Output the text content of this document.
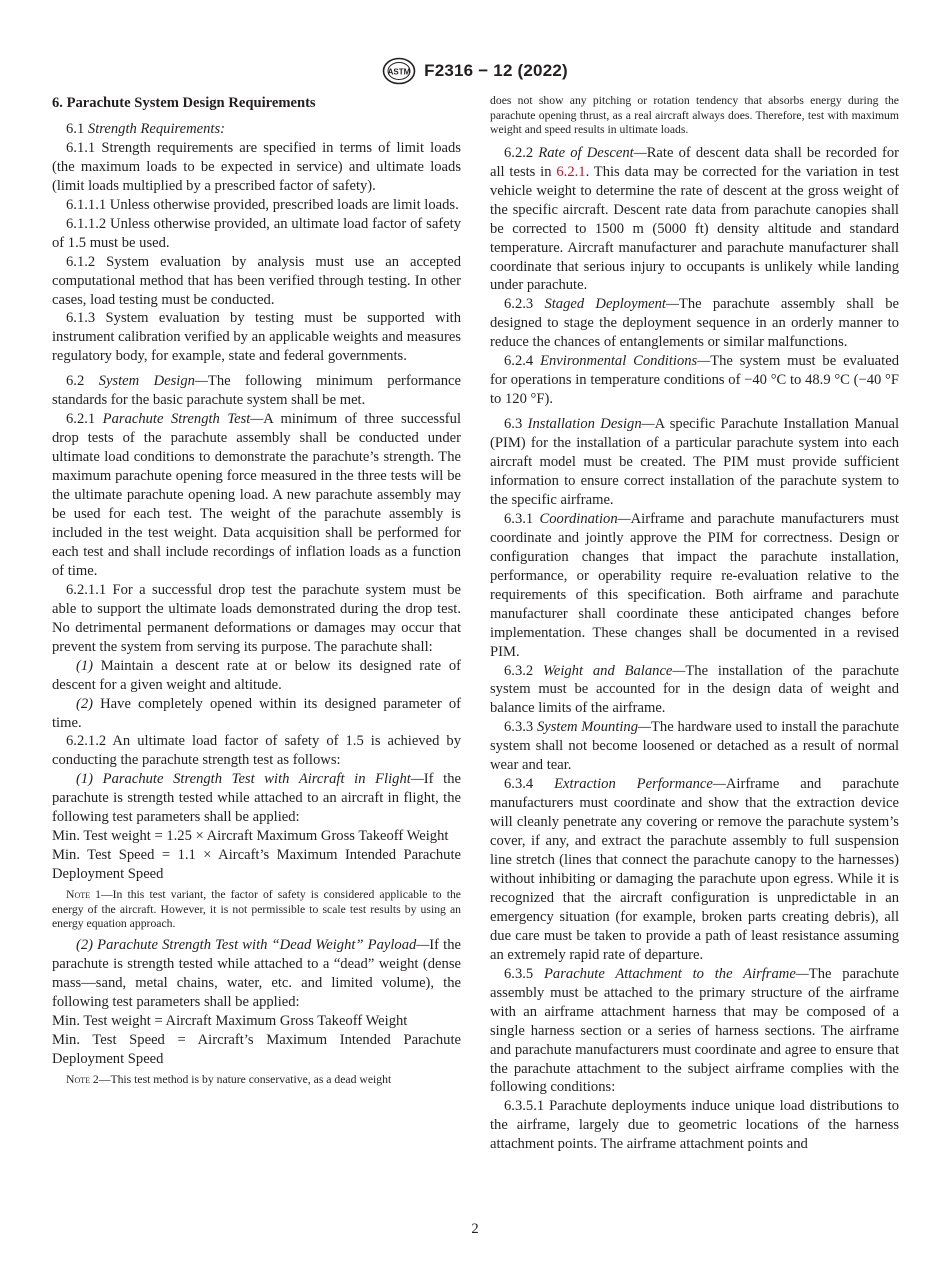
ASTM F2316 − 12 (2022)
6. Parachute System Design Requirements

6.1 Strength Requirements:

6.1.1 Strength requirements are specified in terms of limit loads (the maximum loads to be expected in service) and ultimate loads (limit loads multiplied by a prescribed factor of safety).

6.1.1.1 Unless otherwise provided, prescribed loads are limit loads.

6.1.1.2 Unless otherwise provided, an ultimate load factor of safety of 1.5 must be used.

6.1.2 System evaluation by analysis must use an accepted computational method that has been verified through testing. In other cases, load testing must be conducted.

6.1.3 System evaluation by testing must be supported with instrument calibration verified by an applicable weights and measures regulatory body, for example, state and federal governments.

6.2 System Design—The following minimum performance standards for the basic parachute system shall be met.

6.2.1 Parachute Strength Test—A minimum of three successful drop tests of the parachute assembly shall be conducted under ultimate load conditions to demonstrate the parachute’s strength. The maximum parachute opening force measured in the three tests will be the ultimate parachute opening load. A new parachute assembly may be used for each test. The weight of the parachute assembly is included in the test weight. Data acquisition shall be performed for each test and shall include recordings of inflation loads as a function of time.

6.2.1.1 For a successful drop test the parachute system must be able to support the ultimate loads demonstrated during the drop test. No detrimental permanent deformations or damages may occur that prevent the system from serving its purpose. The parachute shall:

(1) Maintain a descent rate at or below its designed rate of descent for a given weight and altitude.

(2) Have completely opened within its designed parameter of time.

6.2.1.2 An ultimate load factor of safety of 1.5 is achieved by conducting the parachute strength test as follows:

(1) Parachute Strength Test with Aircraft in Flight—If the parachute is strength tested while attached to an aircraft in flight, the following test parameters shall be applied:

Min. Test weight = 1.25 × Aircraft Maximum Gross Takeoff Weight

Min. Test Speed = 1.1 × Aircaft’s Maximum Intended Parachute Deployment Speed

Note 1—In this test variant, the factor of safety is considered applicable to the energy of the aircraft. However, it is not permissible to scale test results by using an energy equation approach.

(2) Parachute Strength Test with “Dead Weight” Payload—If the parachute is strength tested while attached to a “dead” weight (dense mass—sand, metal chains, water, etc. and limited volume), the following test parameters shall be applied:

Min. Test weight = Aircraft Maximum Gross Takeoff Weight

Min. Test Speed = Aircraft’s Maximum Intended Parachute Deployment Speed

Note 2—This test method is by nature conservative, as a dead weight

does not show any pitching or rotation tendency that absorbs energy during the parachute opening thrust, as a real aircraft always does. Therefore, test with maximum weight and speed results in ultimate loads.

6.2.2 Rate of Descent—Rate of descent data shall be recorded for all tests in 6.2.1. This data may be corrected for the variation in test vehicle weight to determine the rate of descent at the gross weight of the specific aircraft. Descent rate data from parachute canopies shall be corrected to 1500 m (5000 ft) density altitude and standard temperature. Aircraft manufacturer and parachute manufacturer shall coordinate that serious injury to occupants is unlikely while landing under parachute.

6.2.3 Staged Deployment—The parachute assembly shall be designed to stage the deployment sequence in an orderly manner to reduce the chances of entanglements or similar malfunctions.

6.2.4 Environmental Conditions—The system must be evaluated for operations in temperature conditions of −40 °C to 48.9 °C (−40 °F to 120 °F).

6.3 Installation Design—A specific Parachute Installation Manual (PIM) for the installation of a particular parachute system into each aircraft model must be created. The PIM must provide sufficient information to ensure correct installation of the parachute system to the specific airframe.

6.3.1 Coordination—Airframe and parachute manufacturers must coordinate and jointly approve the PIM for correctness. Design or configuration changes that impact the parachute installation, performance, or operability require re-evaluation relative to the requirements of this specification. Both airframe and parachute manufacturer shall coordinate these anticipated changes before implementation. These changes shall be documented in a revised PIM.

6.3.2 Weight and Balance—The installation of the parachute system must be accounted for in the design data of weight and balance limits of the airframe.

6.3.3 System Mounting—The hardware used to install the parachute system shall not become loosened or detached as a result of normal wear and tear.

6.3.4 Extraction Performance—Airframe and parachute manufacturers must coordinate and show that the extraction device will cleanly penetrate any covering or remove the parachute system’s cover, if any, and extract the parachute assembly to full suspension line stretch (lines that connect the parachute canopy to the harnesses) without inhibiting or damaging the parachute upon egress. While it is recognized that the aircraft configuration is unpredictable in an emergency situation (for example, broken parts creating debris), all due care must be taken to provide a path of least resistance assuming an extremely rapid rate of departure.

6.3.5 Parachute Attachment to the Airframe—The parachute assembly must be attached to the primary structure of the airframe with an airframe attachment harness that may be composed of a single harness section or a series of harness sections. The airframe and parachute manufacturers must coordinate and agree to ensure that the parachute attachment to the subject airframe complies with the following conditions:

6.3.5.1 Parachute deployments induce unique load distributions to the airframe, largely due to geometric locations of the harness attachment points. The airframe attachment points and

2
